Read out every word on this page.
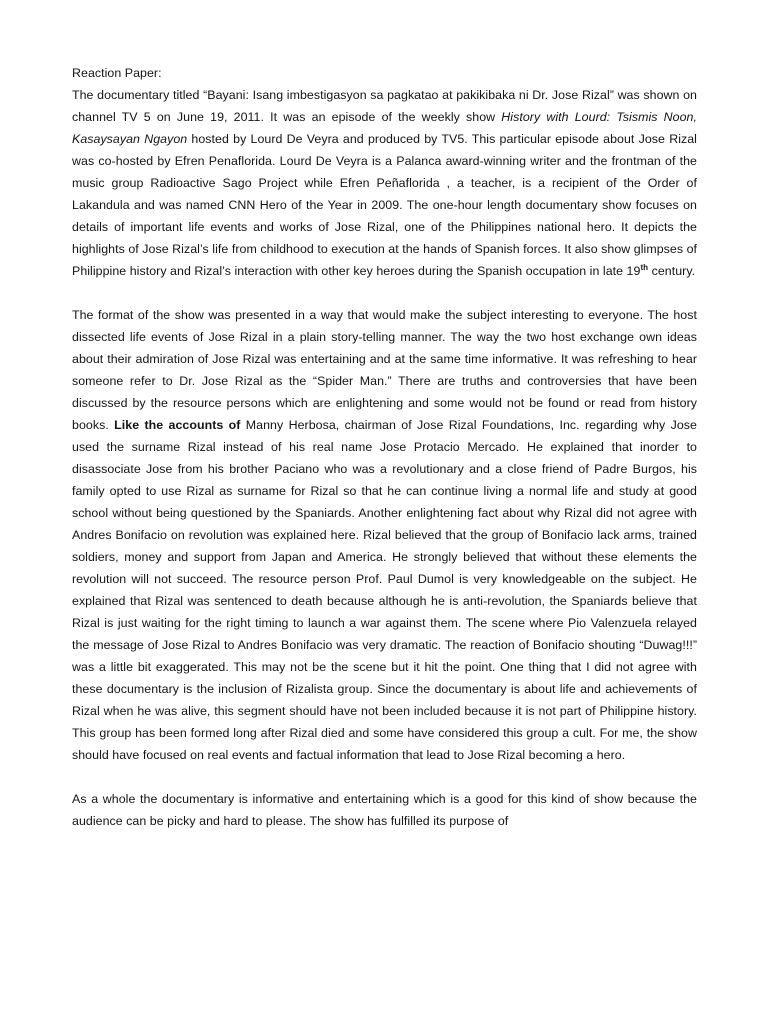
Reaction Paper:

The documentary titled “Bayani: Isang imbestigasyon sa pagkatao at pakikibaka ni Dr. Jose Rizal” was shown on channel TV 5 on June 19, 2011. It was an episode of the weekly show History with Lourd: Tsismis Noon, Kasaysayan Ngayon hosted by Lourd De Veyra and produced by TV5. This particular episode about Jose Rizal was co-hosted by Efren Penaflorida. Lourd De Veyra is a Palanca award-winning writer and the frontman of the music group Radioactive Sago Project while Efren Peñaflorida , a teacher, is a recipient of the Order of Lakandula and was named CNN Hero of the Year in 2009. The one-hour length documentary show focuses on details of important life events and works of Jose Rizal, one of the Philippines national hero. It depicts the highlights of Jose Rizal’s life from childhood to execution at the hands of Spanish forces. It also show glimpses of Philippine history and Rizal’s interaction with other key heroes during the Spanish occupation in late 19th century.

The format of the show was presented in a way that would make the subject interesting to everyone. The host dissected life events of Jose Rizal in a plain story-telling manner. The way the two host exchange own ideas about their admiration of Jose Rizal was entertaining and at the same time informative. It was refreshing to hear someone refer to Dr. Jose Rizal as the “Spider Man.” There are truths and controversies that have been discussed by the resource persons which are enlightening and some would not be found or read from history books. Like the accounts of Manny Herbosa, chairman of Jose Rizal Foundations, Inc. regarding why Jose used the surname Rizal instead of his real name Jose Protacio Mercado. He explained that inorder to disassociate Jose from his brother Paciano who was a revolutionary and a close friend of Padre Burgos, his family opted to use Rizal as surname for Rizal so that he can continue living a normal life and study at good school without being questioned by the Spaniards. Another enlightening fact about why Rizal did not agree with Andres Bonifacio on revolution was explained here. Rizal believed that the group of Bonifacio lack arms, trained soldiers, money and support from Japan and America. He strongly believed that without these elements the revolution will not succeed. The resource person Prof. Paul Dumol is very knowledgeable on the subject. He explained that Rizal was sentenced to death because although he is anti-revolution, the Spaniards believe that Rizal is just waiting for the right timing to launch a war against them. The scene where Pio Valenzuela relayed the message of Jose Rizal to Andres Bonifacio was very dramatic. The reaction of Bonifacio shouting “Duwag!!!” was a little bit exaggerated. This may not be the scene but it hit the point. One thing that I did not agree with these documentary is the inclusion of Rizalista group. Since the documentary is about life and achievements of Rizal when he was alive, this segment should have not been included because it is not part of Philippine history. This group has been formed long after Rizal died and some have considered this group a cult. For me, the show should have focused on real events and factual information that lead to Jose Rizal becoming a hero.

As a whole the documentary is informative and entertaining which is a good for this kind of show because the audience can be picky and hard to please. The show has fulfilled its purpose of
